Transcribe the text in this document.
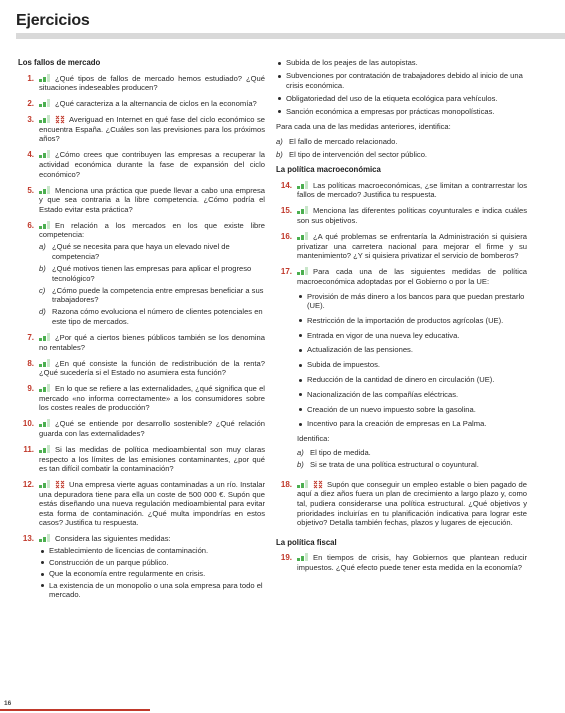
Ejercicios
Los fallos de mercado
1.	¿Qué tipos de fallos de mercado hemos estudiado? ¿Qué situaciones indeseables producen?
2.	¿Qué caracteriza a la alternancia de ciclos en la economía?
3.	Averiguad en Internet en qué fase del ciclo económico se encuentra España. ¿Cuáles son las previsiones para los próximos años?
4.	¿Cómo crees que contribuyen las empresas a recuperar la actividad económica durante la fase de expansión del ciclo económico?
5.	Menciona una práctica que puede llevar a cabo una empresa y que sea contraria a la libre competencia. ¿Cómo podría el Estado evitar esta práctica?
6.	En relación a los mercados en los que existe libre competencia:
a) ¿Qué se necesita para que haya un elevado nivel de competencia?
b) ¿Qué motivos tienen las empresas para aplicar el progreso tecnológico?
c) ¿Cómo puede la competencia entre empresas beneficiar a sus trabajadores?
d) Razona cómo evoluciona el número de clientes potenciales en este tipo de mercados.
7.	¿Por qué a ciertos bienes públicos también se los denomina no rentables?
8.	¿En qué consiste la función de redistribución de la renta? ¿Qué sucedería si el Estado no asumiera esta función?
9.	En lo que se refiere a las externalidades, ¿qué significa que el mercado «no informa correctamente» a los consumidores sobre los costes reales de producción?
10.	¿Qué se entiende por desarrollo sostenible? ¿Qué relación guarda con las externalidades?
11.	Si las medidas de política medioambiental son muy claras respecto a los límites de las emisiones contaminantes, ¿por qué es tan difícil combatir la contaminación?
12.	Una empresa vierte aguas contaminadas a un río. Instalar una depuradora tiene para ella un coste de 500 000 €. Supón que estás diseñando una nueva regulación medioambiental para evitar esta forma de contaminación. ¿Qué multa impondrías en estos casos? Justifica tu respuesta.
13.	Considera las siguientes medidas:
Establecimiento de licencias de contaminación.
Construcción de un parque público.
Que la economía entre regularmente en crisis.
La existencia de un monopolio o una sola empresa para todo el mercado.
Subida de los peajes de las autopistas.
Subvenciones por contratación de trabajadores debido al inicio de una crisis económica.
Obligatoriedad del uso de la etiqueta ecológica para vehículos.
Sanción económica a empresas por prácticas monopolísticas.
Para cada una de las medidas anteriores, identifica:
a) El fallo de mercado relacionado.
b) El tipo de intervención del sector público.
La política macroeconómica
14.	Las políticas macroeconómicas, ¿se limitan a contrarrestar los fallos de mercado? Justifica tu respuesta.
15.	Menciona las diferentes políticas coyunturales e indica cuáles son sus objetivos.
16.	¿A qué problemas se enfrentaría la Administración si quisiera privatizar una carretera nacional para mejorar el firme y su mantenimiento? ¿Y si quisiera privatizar el servicio de bomberos?
17.	Para cada una de las siguientes medidas de política macroeconómica adoptadas por el Gobierno o por la UE:
Provisión de más dinero a los bancos para que puedan prestarlo (UE).
Restricción de la importación de productos agrícolas (UE).
Entrada en vigor de una nueva ley educativa.
Actualización de las pensiones.
Subida de impuestos.
Reducción de la cantidad de dinero en circulación (UE).
Nacionalización de las compañías eléctricas.
Creación de un nuevo impuesto sobre la gasolina.
Incentivo para la creación de empresas en La Palma.
Identifica:
a) El tipo de medida.
b) Si se trata de una política estructural o coyuntural.
18.	Supón que conseguir un empleo estable o bien pagado de aquí a diez años fuera un plan de crecimiento a largo plazo y, como tal, pudiera considerarse una política estructural. ¿Qué objetivos y prioridades incluirías en tu planificación indicativa para lograr este objetivo? Detalla también fechas, plazos y lugares de ejecución.
La política fiscal
19.	En tiempos de crisis, hay Gobiernos que plantean reducir impuestos. ¿Qué efecto puede tener esta medida en la economía?
16
